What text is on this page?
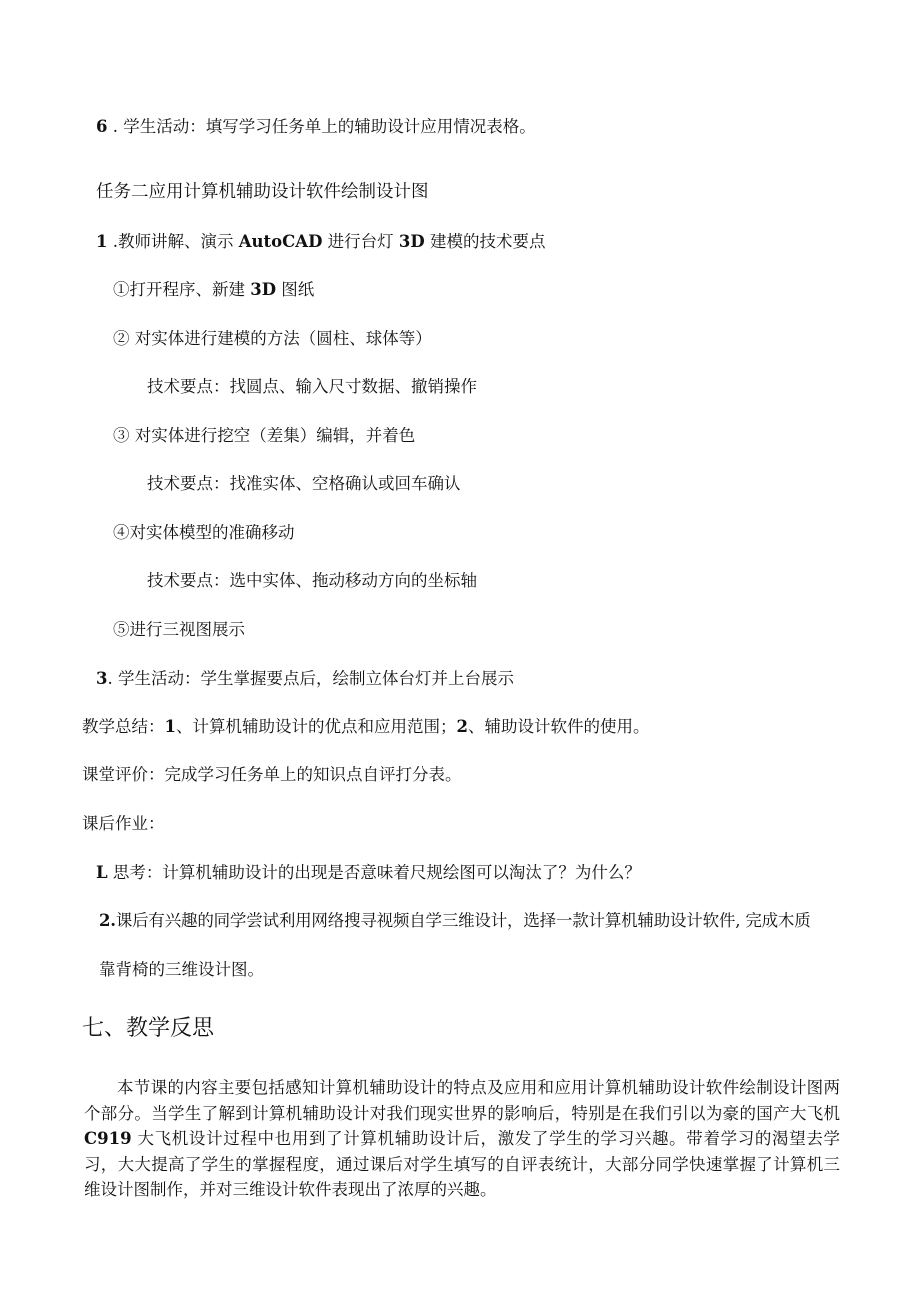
6 . 学生活动：填写学习任务单上的辅助设计应用情况表格。
任务二应用计算机辅助设计软件绘制设计图
1 .教师讲解、演示 AutoCAD 进行台灯 3D 建模的技术要点
①打开程序、新建 3D 图纸
② 对实体进行建模的方法（圆柱、球体等）
技术要点：找圆点、输入尺寸数据、撤销操作
③ 对实体进行挖空（差集）编辑，并着色
技术要点：找准实体、空格确认或回车确认
④对实体模型的准确移动
技术要点：选中实体、拖动移动方向的坐标轴
⑤进行三视图展示
3. 学生活动：学生掌握要点后，绘制立体台灯并上台展示
教学总结：1、计算机辅助设计的优点和应用范围；2、辅助设计软件的使用。
课堂评价：完成学习任务单上的知识点自评打分表。
课后作业：
L 思考：计算机辅助设计的出现是否意味着尺规绘图可以淘汰了？为什么？
2.课后有兴趣的同学尝试利用网络搜寻视频自学三维设计，选择一款计算机辅助设计软件, 完成木质
靠背椅的三维设计图。
七、教学反思
本节课的内容主要包括感知计算机辅助设计的特点及应用和应用计算机辅助设计软件绘制设计图两个部分。当学生了解到计算机辅助设计对我们现实世界的影响后，特别是在我们引以为豪的国产大飞机 C919 大飞机设计过程中也用到了计算机辅助设计后，激发了学生的学习兴趣。带着学习的渴望去学习，大大提高了学生的掌握程度，通过课后对学生填写的自评表统计，大部分同学快速掌握了计算机三维设计图制作，并对三维设计软件表现出了浓厚的兴趣。
